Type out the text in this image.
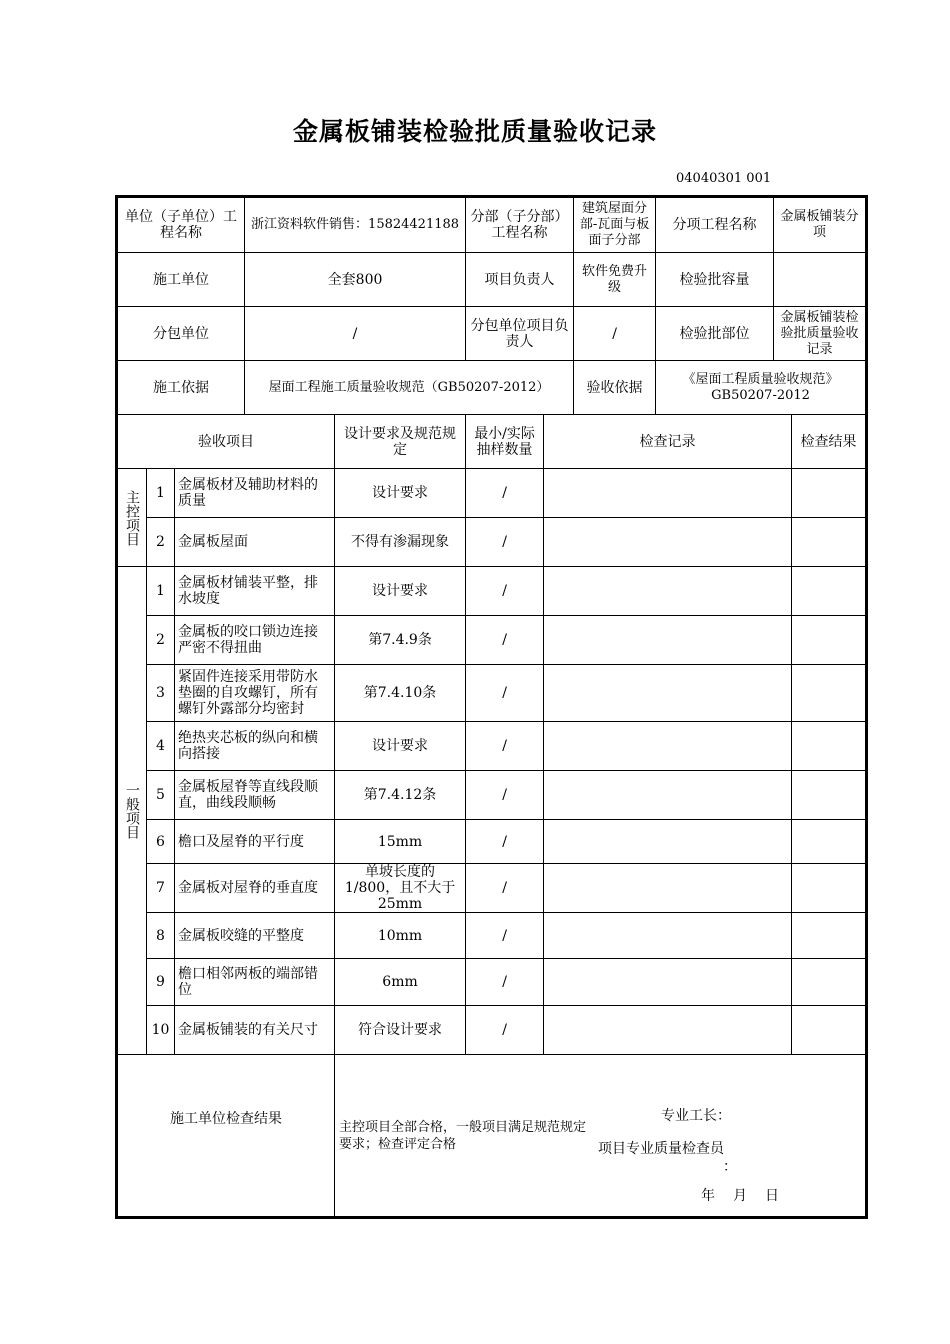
金属板铺装检验批质量验收记录
04040301 001
单位（子单位）工程名称			浙江资料软件销售：15824421188		分部（子分部）工程名称		建筑屋面分部-瓦面与板面子分部	分项工程名称	金属板铺装分项	
施工单位			全套800		项目负责人		软件免费升级	检验批容量		
分包单位			/		分包单位项目负责人		/	检验批部位	金属板铺装检验批质量验收记录	
施工依据			屋面工程施工质量验收规范（GB50207-2012）				验收依据	《屋面工程质量验收规范》GB50207-2012		
验收项目				设计要求及规范规定	最小/实际抽样数量	检查记录				检查结果
主控项目	1	金属板材及辅助材料的质量		设计要求	/					
	2	金属板屋面		不得有渗漏现象	/					
一般项目	1	金属板材铺装平整，排水坡度		设计要求	/					
	2	金属板的咬口锁边连接严密不得扭曲		第7.4.9条	/					
	3	紧固件连接采用带防水垫圈的自攻螺钉，所有螺钉外露部分均密封		第7.4.10条	/					
	4	绝热夹芯板的纵向和横向搭接		设计要求	/					
	5	金属板屋脊等直线段顺直，曲线段顺畅		第7.4.12条	/					
	6	檐口及屋脊的平行度		15mm	/					
	7	金属板对屋脊的垂直度		单坡长度的1/800，且不大于25mm	/					
	8	金属板咬缝的平整度		10mm	/					
	9	檐口相邻两板的端部错位		6mm	/					
	10	金属板铺装的有关尺寸		符合设计要求	/					
施工单位检查结果				主控项目全部合格，一般项目满足规范规定要求；检查评定合格
专业工长：
项目专业质量检查员
：
年　月　日						
